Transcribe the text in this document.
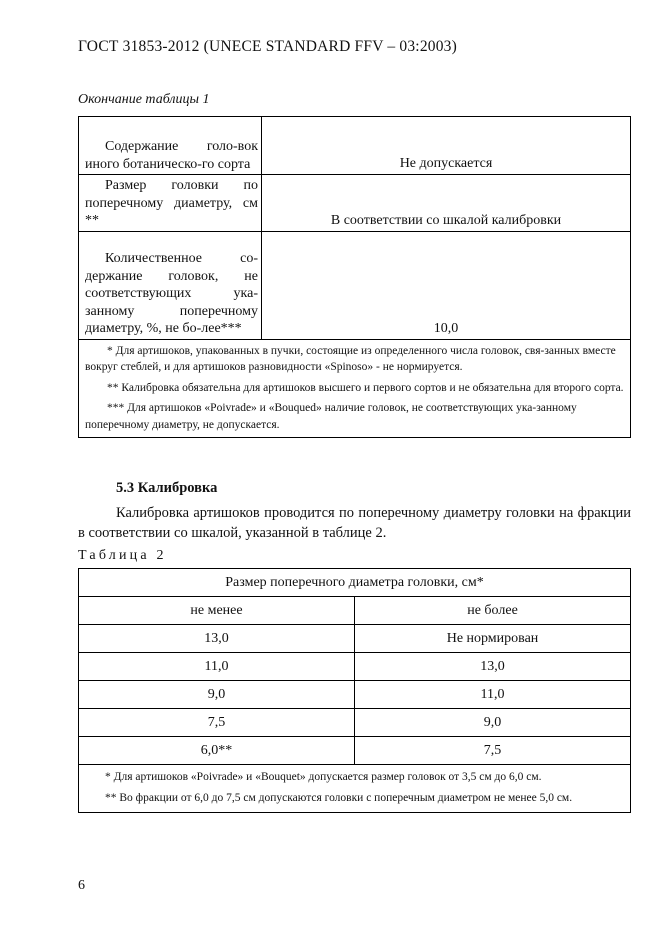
ГОСТ 31853-2012 (UNECE STANDARD FFV – 03:2003)
Окончание таблицы 1
Содержание голо-вок иного ботаническо-го сорта	Не допускается

Размер головки по поперечному диаметру, см **	В соответствии со шкалой калибровки

Количественное со-держание головок, не соответствующих ука-занному поперечному диаметру, %, не бо-лее***	10,0

* Для артишоков, упакованных в пучки, состоящие из определенного числа головок, свя-занных вместе вокруг стеблей, и для артишоков разновидности «Spinoso» - не нормируется.

** Калибровка обязательна для артишоков высшего и первого сортов и не обязательна для второго сорта.

*** Для артишоков «Poivrade» и «Bouqued» наличие головок, не соответствующих ука-занному поперечному диаметру, не допускается.	

5.3 Калибровка
Калибровка артишоков проводится по поперечному диаметру головки на фракции в соответствии со шкалой, указанной в таблице 2.
Таблица 2
Размер поперечного диаметра головки, см*	
не менее	не более
13,0	Не нормирован
11,0	13,0
9,0	11,0
7,5	9,0
6,0**	7,5

* Для артишоков «Poivrade» и «Bouquet» допускается размер головок от 3,5 см до 6,0 см.

** Во фракции от 6,0 до 7,5 см допускаются головки с поперечным диаметром не менее 5,0 см.	

6
